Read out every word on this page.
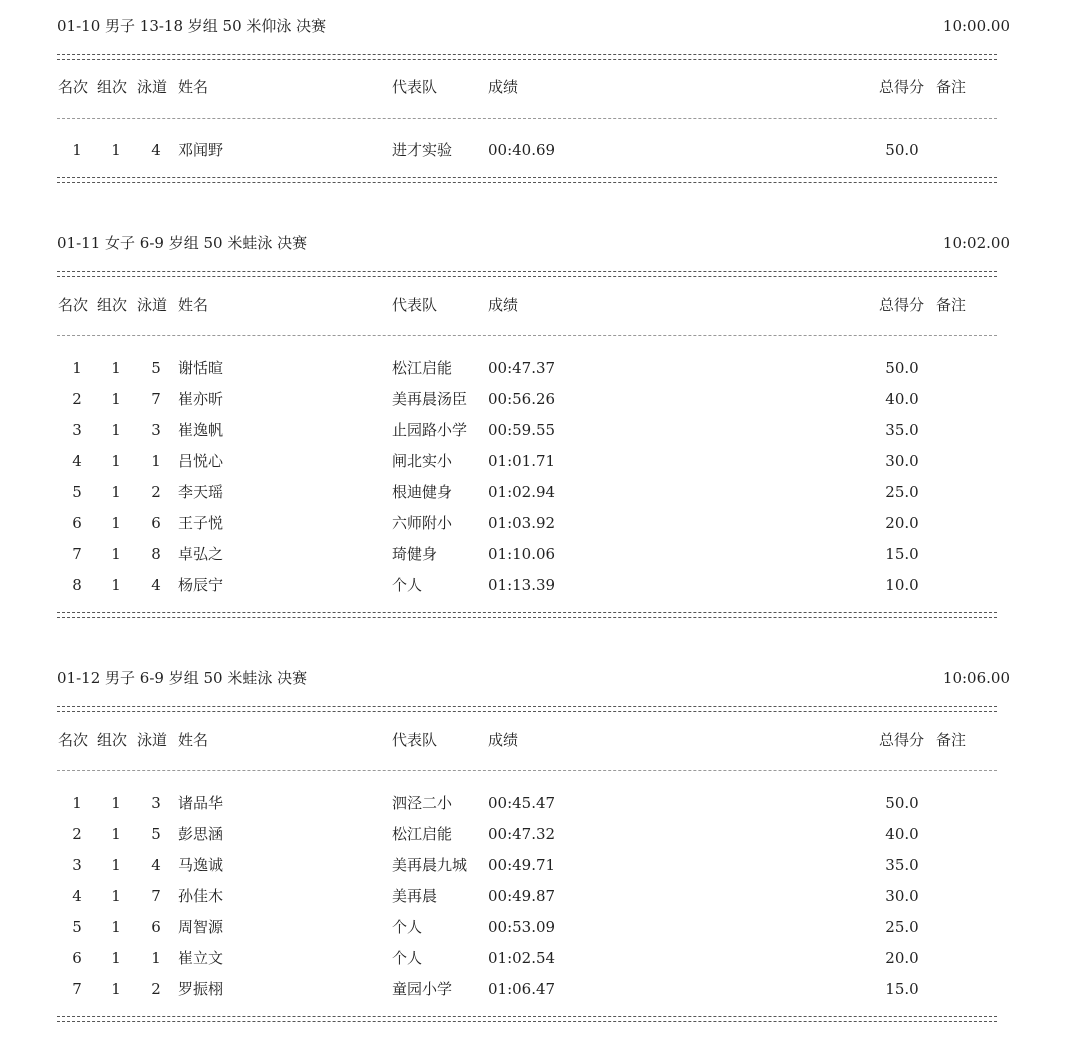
01-10 男子 13-18 岁组 50 米仰泳 决赛	10:00.00
名次 组次 泳道 姓名	代表队	成绩	总得分 备注
1	1	4	邓闻野	进才实验 00:40.69	50.0
01-11 女子 6-9 岁组 50 米蛙泳 决赛	10:02.00
名次 组次 泳道 姓名	代表队	成绩	总得分 备注
1	1	5	谢恬暄	松江启能 00:47.37	50.0
2	1	7	崔亦昕	美再晨汤臣 00:56.26	40.0
3	1	3	崔逸帆	止园路小学 00:59.55	35.0
4	1	1	吕悦心	闸北实小 01:01.71	30.0
5	1	2	李天瑶	根迪健身 01:02.94	25.0
6	1	6	王子悦	六师附小 01:03.92	20.0
7	1	8	卓弘之	琦健身	01:10.06	15.0
8	1	4	杨辰宁	个人	01:13.39	10.0
01-12 男子 6-9 岁组 50 米蛙泳 决赛	10:06.00
名次 组次 泳道 姓名	代表队	成绩	总得分 备注
1	1	3	诸品华	泗泾二小 00:45.47	50.0
2	1	5	彭思涵	松江启能 00:47.32	40.0
3	1	4	马逸诚	美再晨九城 00:49.71	35.0
4	1	7	孙佳木	美再晨	00:49.87	30.0
5	1	6	周智源	个人	00:53.09	25.0
6	1	1	崔立文	个人	01:02.54	20.0
7	1	2	罗振栩	童园小学 01:06.47	15.0
